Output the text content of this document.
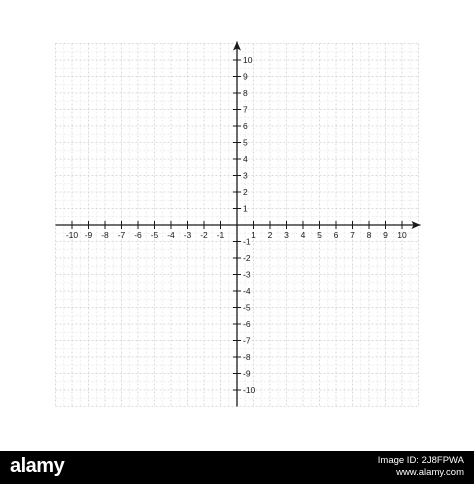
-10 -9 -8 -7 -6 -5 -4 -3 -2 -1	1 2 3 4 5 6 7 8 9 10
10
9
8
7
6
5
4
3
2
1
-1
-2
-3
-4
-5
-6
-7
-8
-9
-10
alamy	Image ID: 2J8FPWA
www.alamy.com
